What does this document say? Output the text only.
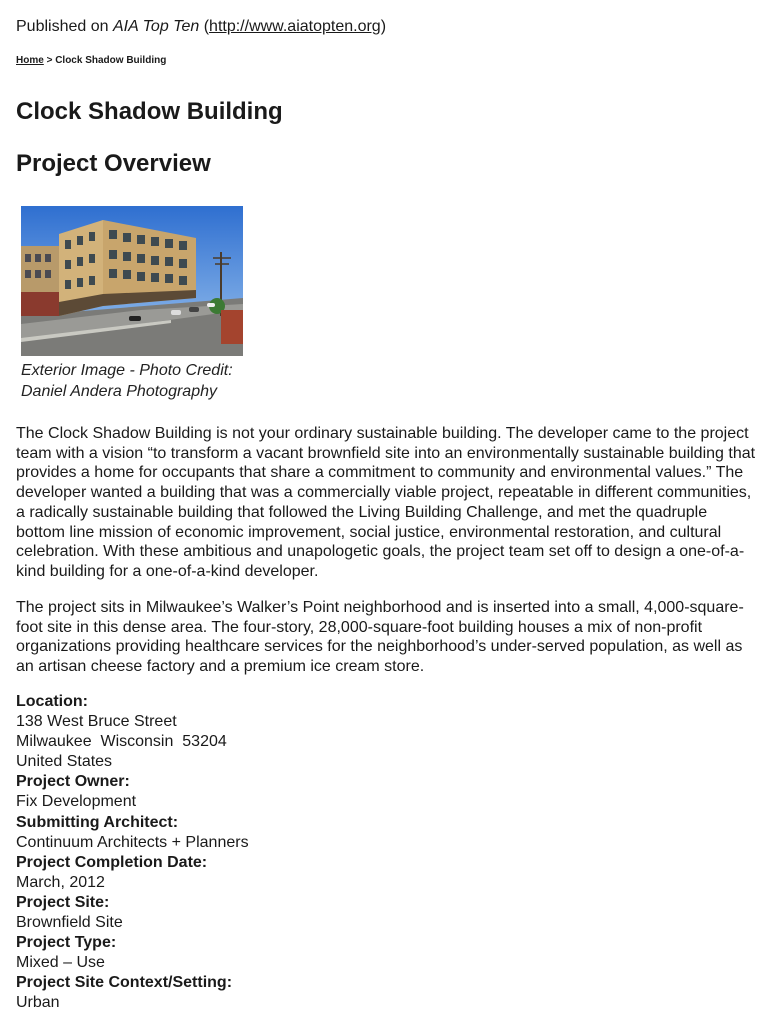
Published on AIA Top Ten (http://www.aiatopten.org)
Home > Clock Shadow Building
Clock Shadow Building
Project Overview
Exterior Image - Photo Credit:
Daniel Andera Photography

The Clock Shadow Building is not your ordinary sustainable building. The developer came to the project team with a vision “to transform a vacant brownfield site into an environmentally sustainable building that provides a home for occupants that share a commitment to community and environmental values.” The developer wanted a building that was a commercially viable project, repeatable in different communities, a radically sustainable building that followed the Living Building Challenge, and met the quadruple bottom line mission of economic improvement, social justice, environmental restoration, and cultural celebration. With these ambitious and unapologetic goals, the project team set off to design a one-of-a-kind building for a one-of-a-kind developer.

The project sits in Milwaukee’s Walker’s Point neighborhood and is inserted into a small, 4,000-square-foot site in this dense area. The four-story, 28,000-square-foot building houses a mix of non-profit organizations providing healthcare services for the neighborhood’s under-served population, as well as an artisan cheese factory and a premium ice cream store.

Location:
138 West Bruce Street
Milwaukee  Wisconsin  53204
United States
Project Owner:
Fix Development
Submitting Architect:
Continuum Architects + Planners
Project Completion Date:
March, 2012
Project Site:
Brownfield Site
Project Type:
Mixed – Use
Project Site Context/Setting:
Urban
